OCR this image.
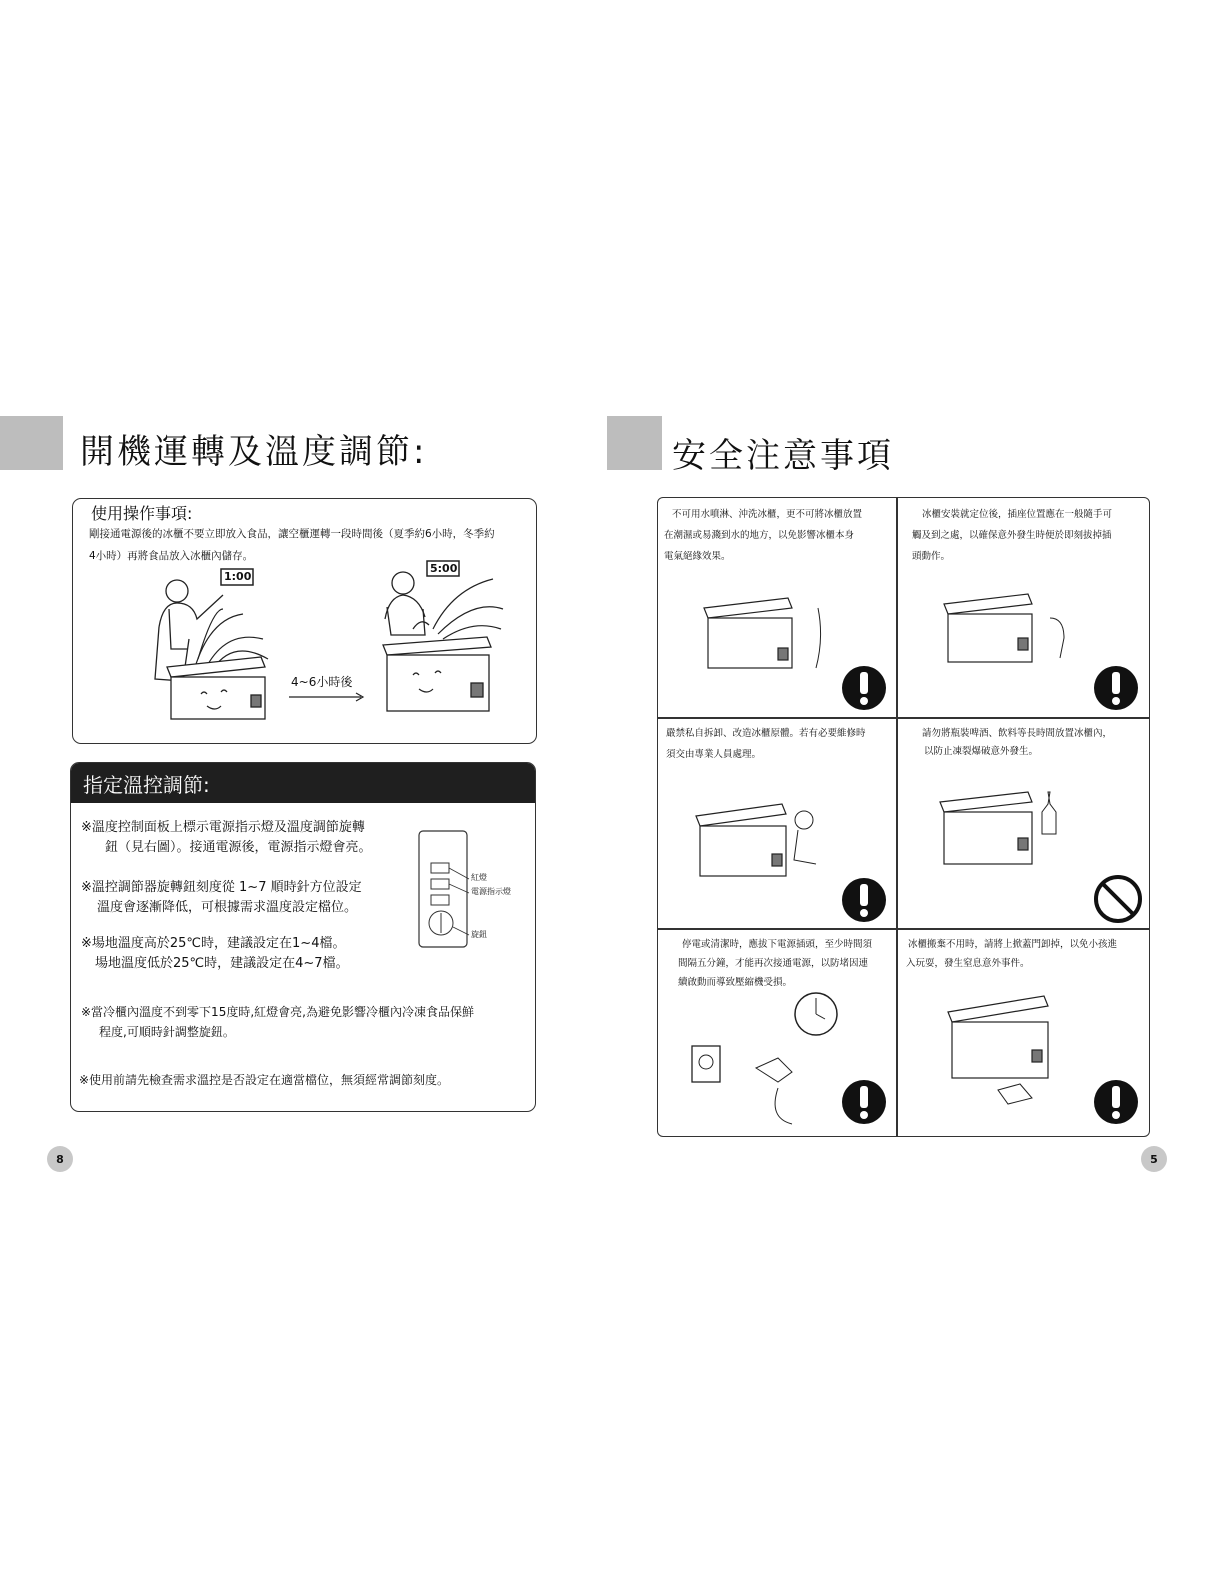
開機運轉及溫度調節:
使用操作事項:
剛接通電源後的冰櫃不要立即放入食品，讓空櫃運轉一段時間後（夏季約6小時，冬季約
4小時）再將食品放入冰櫃內儲存。
1:00
5:00
4~6小時後
指定溫控調節:
※溫度控制面板上標示電源指示燈及溫度調節旋轉
鈕（見右圖）。接通電源後，電源指示燈會亮。
※溫控調節器旋轉鈕刻度從 1~7 順時針方位設定
溫度會逐漸降低，可根據需求溫度設定檔位。
※場地溫度高於25℃時，建議設定在1~4檔。
場地溫度低於25℃時，建議設定在4~7檔。
※當冷櫃內溫度不到零下15度時,紅燈會亮,為避免影響冷櫃內冷凍食品保鮮
程度,可順時針調整旋鈕。
※使用前請先檢查需求溫控是否設定在適當檔位，無須經常調節刻度。
紅燈
電源指示燈
旋鈕
8
安全注意事項
不可用水噴淋、沖洗冰櫃，更不可將冰櫃放置
在潮濕或易濺到水的地方，以免影響冰櫃本身
電氣絕緣效果。
冰櫃安裝就定位後，插座位置應在一般隨手可
觸及到之處，以確保意外發生時便於即刻拔掉插
頭動作。
嚴禁私自拆卸、改造冰櫃原體。若有必要維修時
須交由專業人員處理。
請勿將瓶裝啤酒、飲料等長時間放置冰櫃內，
以防止凍裂爆破意外發生。
停電或清潔時，應拔下電源插頭，至少時間須
間隔五分鐘，才能再次接通電源，以防堵因連
續啟動而導致壓縮機受損。
冰櫃搬棄不用時，請將上掀蓋門卸掉，以免小孩進
入玩耍，發生窒息意外事件。
5
